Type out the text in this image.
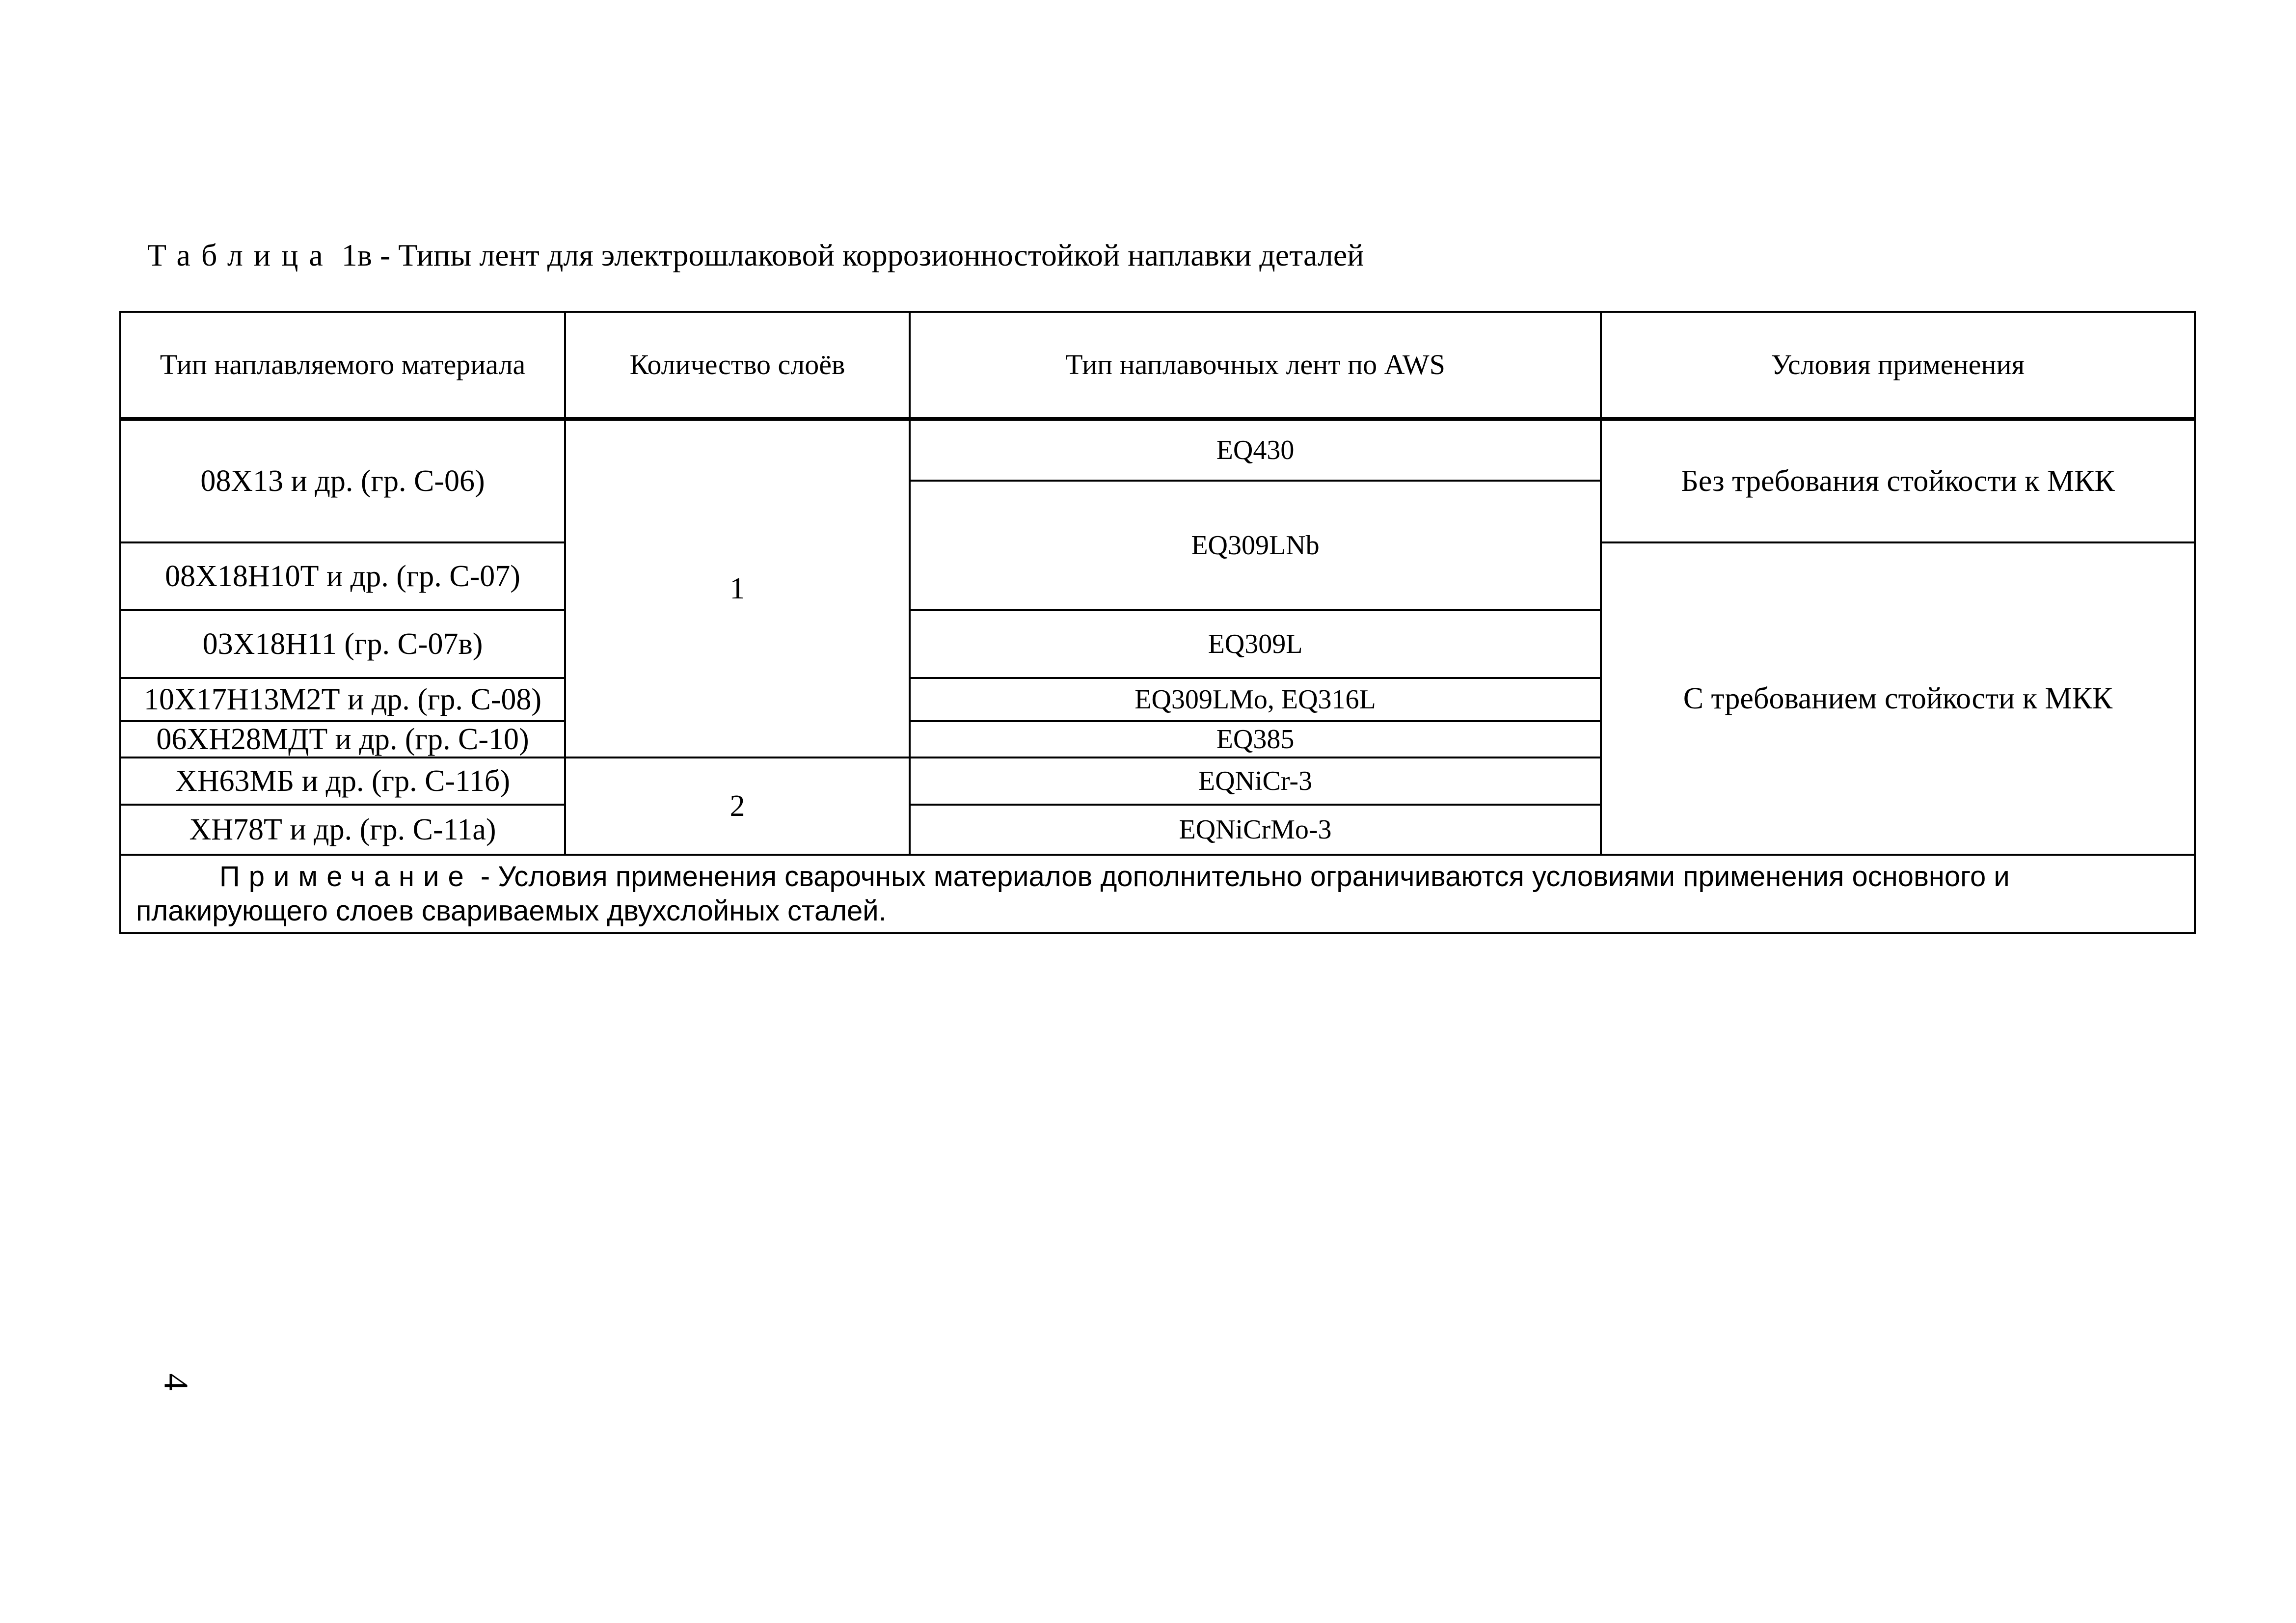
Таблица 1в - Типы лент для электрошлаковой коррозионностойкой наплавки деталей
Тип наплавляемого материала	Количество слоёв	Тип наплавочных лент по AWS	Условия применения
08Х13 и др. (гр. С-06)	1	EQ430	Без требования стойкости к МКК
		EQ309LNb	
08Х18Н10Т и др. (гр. С-07)			С требованием стойкости к МКК
03Х18Н11 (гр. С-07в)		EQ309L	
10Х17Н13М2Т и др. (гр. С-08)		EQ309LMo, EQ316L	
06ХН28МДТ и др. (гр. С-10)		EQ385	
ХН63МБ и др. (гр. С-11б)	2	EQNiCr-3	
ХН78Т и др. (гр. С-11а)		EQNiCrMo-3	
Примечание - Условия применения сварочных материалов дополнительно ограничиваются условиями применения основного и плакирующего слоев свариваемых двухслойных сталей.			
4
